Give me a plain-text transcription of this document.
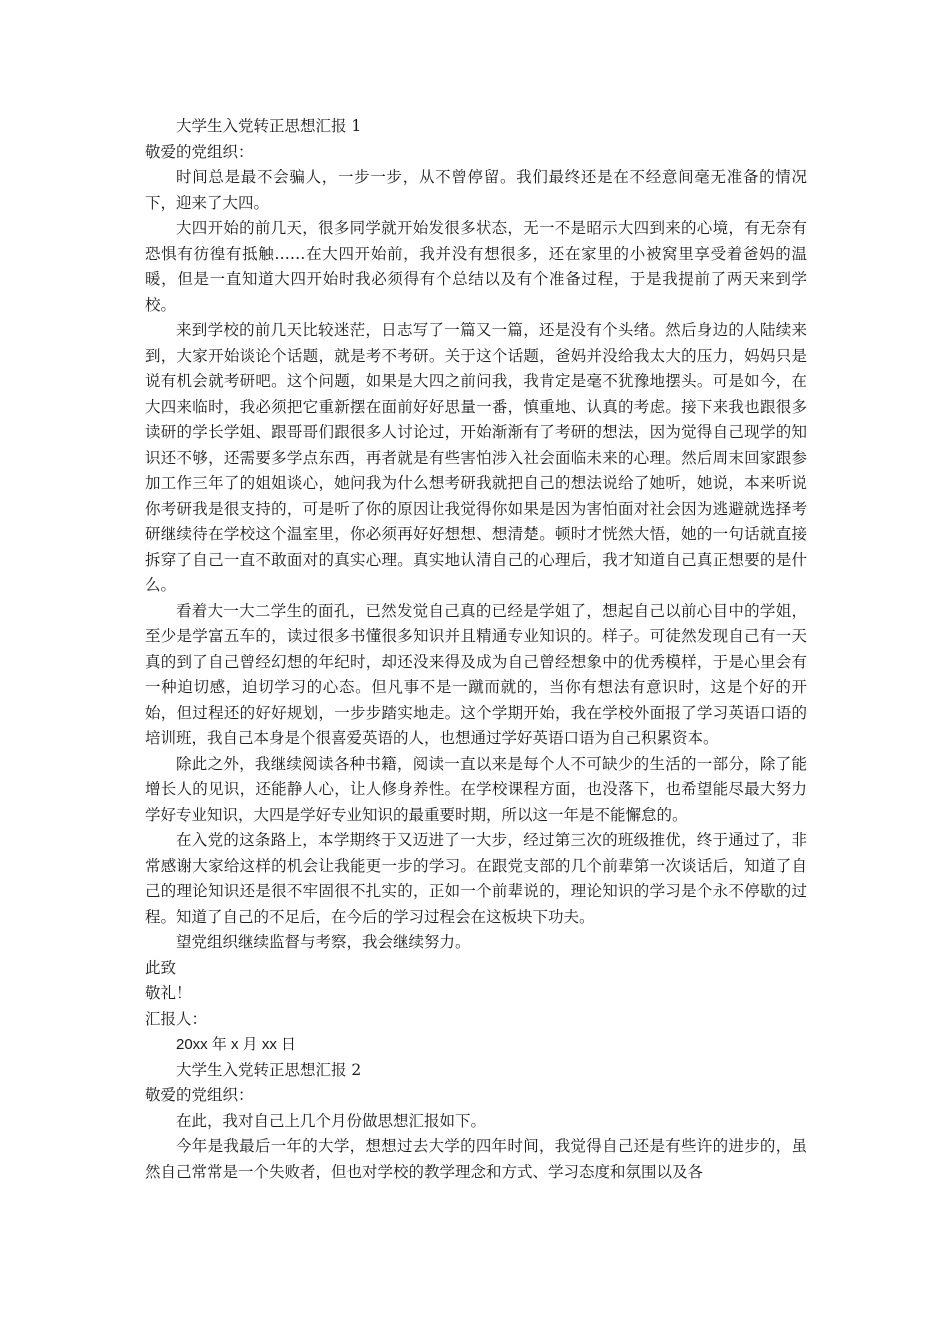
大学生入党转正思想汇报 1

敬爱的党组织：

时间总是最不会骗人，一步一步，从不曾停留。我们最终还是在不经意间毫无准备的情况下，迎来了大四。

大四开始的前几天，很多同学就开始发很多状态，无一不是昭示大四到来的心境，有无奈有恐惧有彷徨有抵触……在大四开始前，我并没有想很多，还在家里的小被窝里享受着爸妈的温暖，但是一直知道大四开始时我必须得有个总结以及有个准备过程，于是我提前了两天来到学校。

来到学校的前几天比较迷茫，日志写了一篇又一篇，还是没有个头绪。然后身边的人陆续来到，大家开始谈论个话题，就是考不考研。关于这个话题，爸妈并没给我太大的压力，妈妈只是说有机会就考研吧。这个问题，如果是大四之前问我，我肯定是毫不犹豫地摆头。可是如今，在大四来临时，我必须把它重新摆在面前好好思量一番，慎重地、认真的考虑。接下来我也跟很多读研的学长学姐、跟哥哥们跟很多人讨论过，开始渐渐有了考研的想法，因为觉得自己现学的知识还不够，还需要多学点东西，再者就是有些害怕涉入社会面临未来的心理。然后周末回家跟参加工作三年了的姐姐谈心，她问我为什么想考研我就把自己的想法说给了她听，她说，本来听说你考研我是很支持的，可是听了你的原因让我觉得你如果是因为害怕面对社会因为逃避就选择考研继续待在学校这个温室里，你必须再好好想想、想清楚。顿时才恍然大悟，她的一句话就直接拆穿了自己一直不敢面对的真实心理。真实地认清自己的心理后，我才知道自己真正想要的是什么。

看着大一大二学生的面孔，已然发觉自己真的已经是学姐了，想起自己以前心目中的学姐，至少是学富五车的，读过很多书懂很多知识并且精通专业知识的。样子。可徒然发现自己有一天真的到了自己曾经幻想的年纪时，却还没来得及成为自己曾经想象中的优秀模样，于是心里会有一种迫切感，迫切学习的心态。但凡事不是一蹴而就的，当你有想法有意识时，这是个好的开始，但过程还的好好规划，一步步踏实地走。这个学期开始，我在学校外面报了学习英语口语的培训班，我自己本身是个很喜爱英语的人，也想通过学好英语口语为自己积累资本。

除此之外，我继续阅读各种书籍，阅读一直以来是每个人不可缺少的生活的一部分，除了能增长人的见识，还能静人心，让人修身养性。在学校课程方面，也没落下，也希望能尽最大努力学好专业知识，大四是学好专业知识的最重要时期，所以这一年是不能懈怠的。

在入党的这条路上，本学期终于又迈进了一大步，经过第三次的班级推优，终于通过了，非常感谢大家给这样的机会让我能更一步的学习。在跟党支部的几个前辈第一次谈话后，知道了自己的理论知识还是很不牢固很不扎实的，正如一个前辈说的，理论知识的学习是个永不停歇的过程。知道了自己的不足后，在今后的学习过程会在这板块下功夫。

望党组织继续监督与考察，我会继续努力。

此致

敬礼！

汇报人：

20xx 年 x 月 xx 日

大学生入党转正思想汇报 2

敬爱的党组织：

在此，我对自己上几个月份做思想汇报如下。

今年是我最后一年的大学，想想过去大学的四年时间，我觉得自己还是有些许的进步的，虽然自己常常是一个失败者，但也对学校的教学理念和方式、学习态度和氛围以及各
